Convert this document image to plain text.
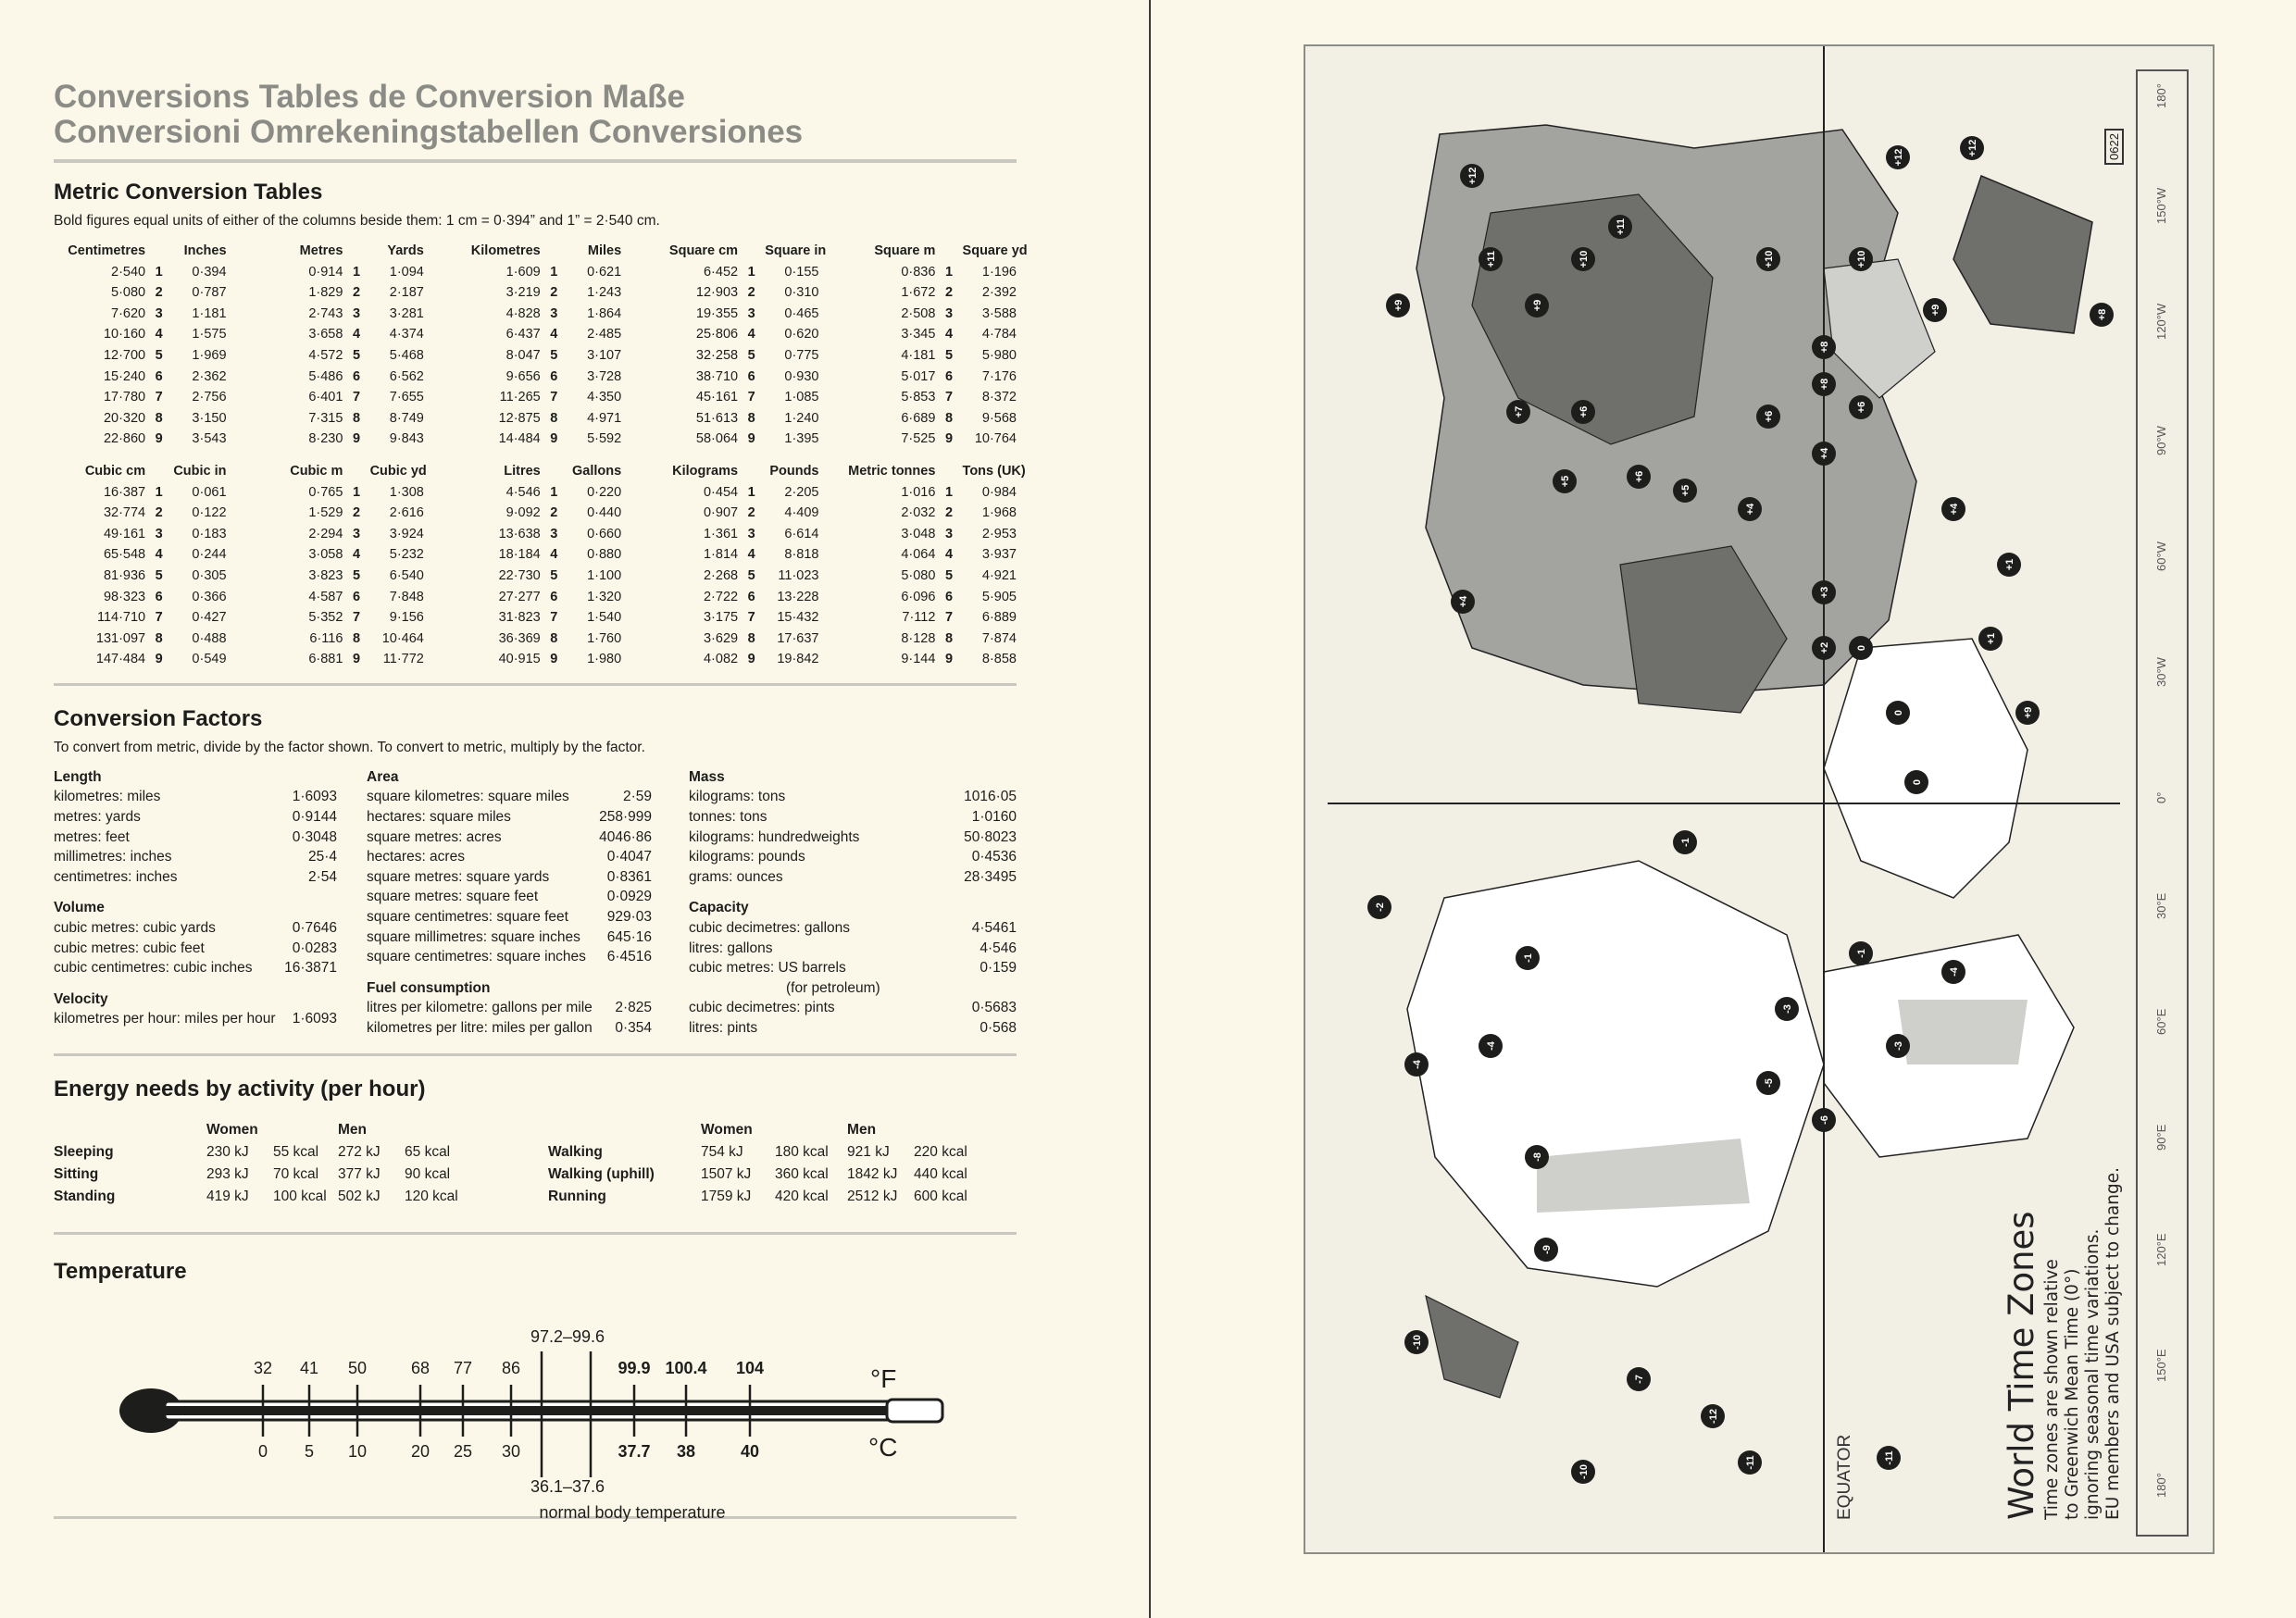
Conversions Tables de Conversion Maße

Conversioni Omrekeningstabellen Conversiones

Metric Conversion Tables

Bold figures equal units of either of the columns beside them: 1 cm = 0·394” and 1” = 2·540 cm.

Centimetres		Inches	Metres		Yards	Kilometres		Miles	Square cm		Square in	Square m		Square yd
2·540	1	0·394	0·914	1	1·094	1·609	1	0·621	6·452	1	0·155	0·836	1	1·196
5·080	2	0·787	1·829	2	2·187	3·219	2	1·243	12·903	2	0·310	1·672	2	2·392
7·620	3	1·181	2·743	3	3·281	4·828	3	1·864	19·355	3	0·465	2·508	3	3·588
10·160	4	1·575	3·658	4	4·374	6·437	4	2·485	25·806	4	0·620	3·345	4	4·784
12·700	5	1·969	4·572	5	5·468	8·047	5	3·107	32·258	5	0·775	4·181	5	5·980
15·240	6	2·362	5·486	6	6·562	9·656	6	3·728	38·710	6	0·930	5·017	6	7·176
17·780	7	2·756	6·401	7	7·655	11·265	7	4·350	45·161	7	1·085	5·853	7	8·372
20·320	8	3·150	7·315	8	8·749	12·875	8	4·971	51·613	8	1·240	6·689	8	9·568
22·860	9	3·543	8·230	9	9·843	14·484	9	5·592	58·064	9	1·395	7·525	9	10·764
Cubic cm		Cubic in	Cubic m		Cubic yd	Litres		Gallons	Kilograms		Pounds	Metric tonnes		Tons (UK)
16·387	1	0·061	0·765	1	1·308	4·546	1	0·220	0·454	1	2·205	1·016	1	0·984
32·774	2	0·122	1·529	2	2·616	9·092	2	0·440	0·907	2	4·409	2·032	2	1·968
49·161	3	0·183	2·294	3	3·924	13·638	3	0·660	1·361	3	6·614	3·048	3	2·953
65·548	4	0·244	3·058	4	5·232	18·184	4	0·880	1·814	4	8·818	4·064	4	3·937
81·936	5	0·305	3·823	5	6·540	22·730	5	1·100	2·268	5	11·023	5·080	5	4·921
98·323	6	0·366	4·587	6	7·848	27·277	6	1·320	2·722	6	13·228	6·096	6	5·905
114·710	7	0·427	5·352	7	9·156	31·823	7	1·540	3·175	7	15·432	7·112	7	6·889
131·097	8	0·488	6·116	8	10·464	36·369	8	1·760	3·629	8	17·637	8·128	8	7·874
147·484	9	0·549	6·881	9	11·772	40·915	9	1·980	4·082	9	19·842	9·144	9	8·858
Conversion Factors

To convert from metric, divide by the factor shown. To convert to metric, multiply by the factor.

Length
kilometres: miles	1·6093
metres: yards	0·9144
metres: feet	0·3048
millimetres: inches	25·4
centimetres: inches	2·54
Volume
cubic metres: cubic yards	0·7646
cubic metres: cubic feet	0·0283
cubic centimetres: cubic inches 16·3871
Velocity
kilometres per hour: miles per hour 1·6093
Area
square kilometres: square miles	2·59
hectares: square miles	258·999
square metres: acres	4046·86
hectares: acres	0·4047
square metres: square yards	0·8361
square metres: square feet	0·0929
square centimetres: square feet	929·03
square millimetres: square inches 645·16
square centimetres: square inches 6·4516
Fuel consumption
litres per kilometre: gallons per mile 2·825
kilometres per litre: miles per gallon 0·354
Mass
kilograms: tons	1016·05
tonnes: tons	1·0160
kilograms: hundredweights	50·8023
kilograms: pounds	0·4536
grams: ounces	28·3495
Capacity
cubic decimetres: gallons	4·5461
litres: gallons	4·546
cubic metres: US barrels	0·159
(for petroleum)
cubic decimetres: pints	0·5683
litres: pints	0·568
Energy needs by activity (per hour)
	Women		Men				Women		Men	
Sleeping	230 kJ	55 kcal	272 kJ	65 kcal		Walking	754 kJ	180 kcal	921 kJ	220 kcal
Sitting	293 kJ	70 kcal	377 kJ	90 kcal		Walking (uphill)	1507 kJ	360 kcal	1842 kJ	440 kcal
Standing	419 kJ	100 kcal	502 kJ	120 kcal		Running	1759 kJ	420 kcal	2512 kJ	600 kcal
Temperature
97.2–99.6
36.1–37.6
normal body temperature
°F
°C
32
0
41
5
50
10
68
20
77
25
86
30
99.9
37.7
100.4
38
104
40
+12
+12
+12
+11
+11	+10	+10	+10
+9	+9	+9	+8
+8
+8
+7	+6	+6
+6
+6
+4
+5
+5
+4
+4	+4
+3
+2
+1
+1
0
0
-1
-1
-4
-3
-3
-5
-6
-4
-8
-9
-10
-11	-11
-10
-12
-7
-2
-4
-1
+9
0
EQUATOR	World Time Zones Time zones are shown relative to Greenwich Mean Time (0°) ignoring seasonal time variations. EU members and USA subject to change.	180°
150°E
120°E
90°E
60°E
30°E
0°
30°W
60°W
90°W
120°W
150°W
180°
0622
